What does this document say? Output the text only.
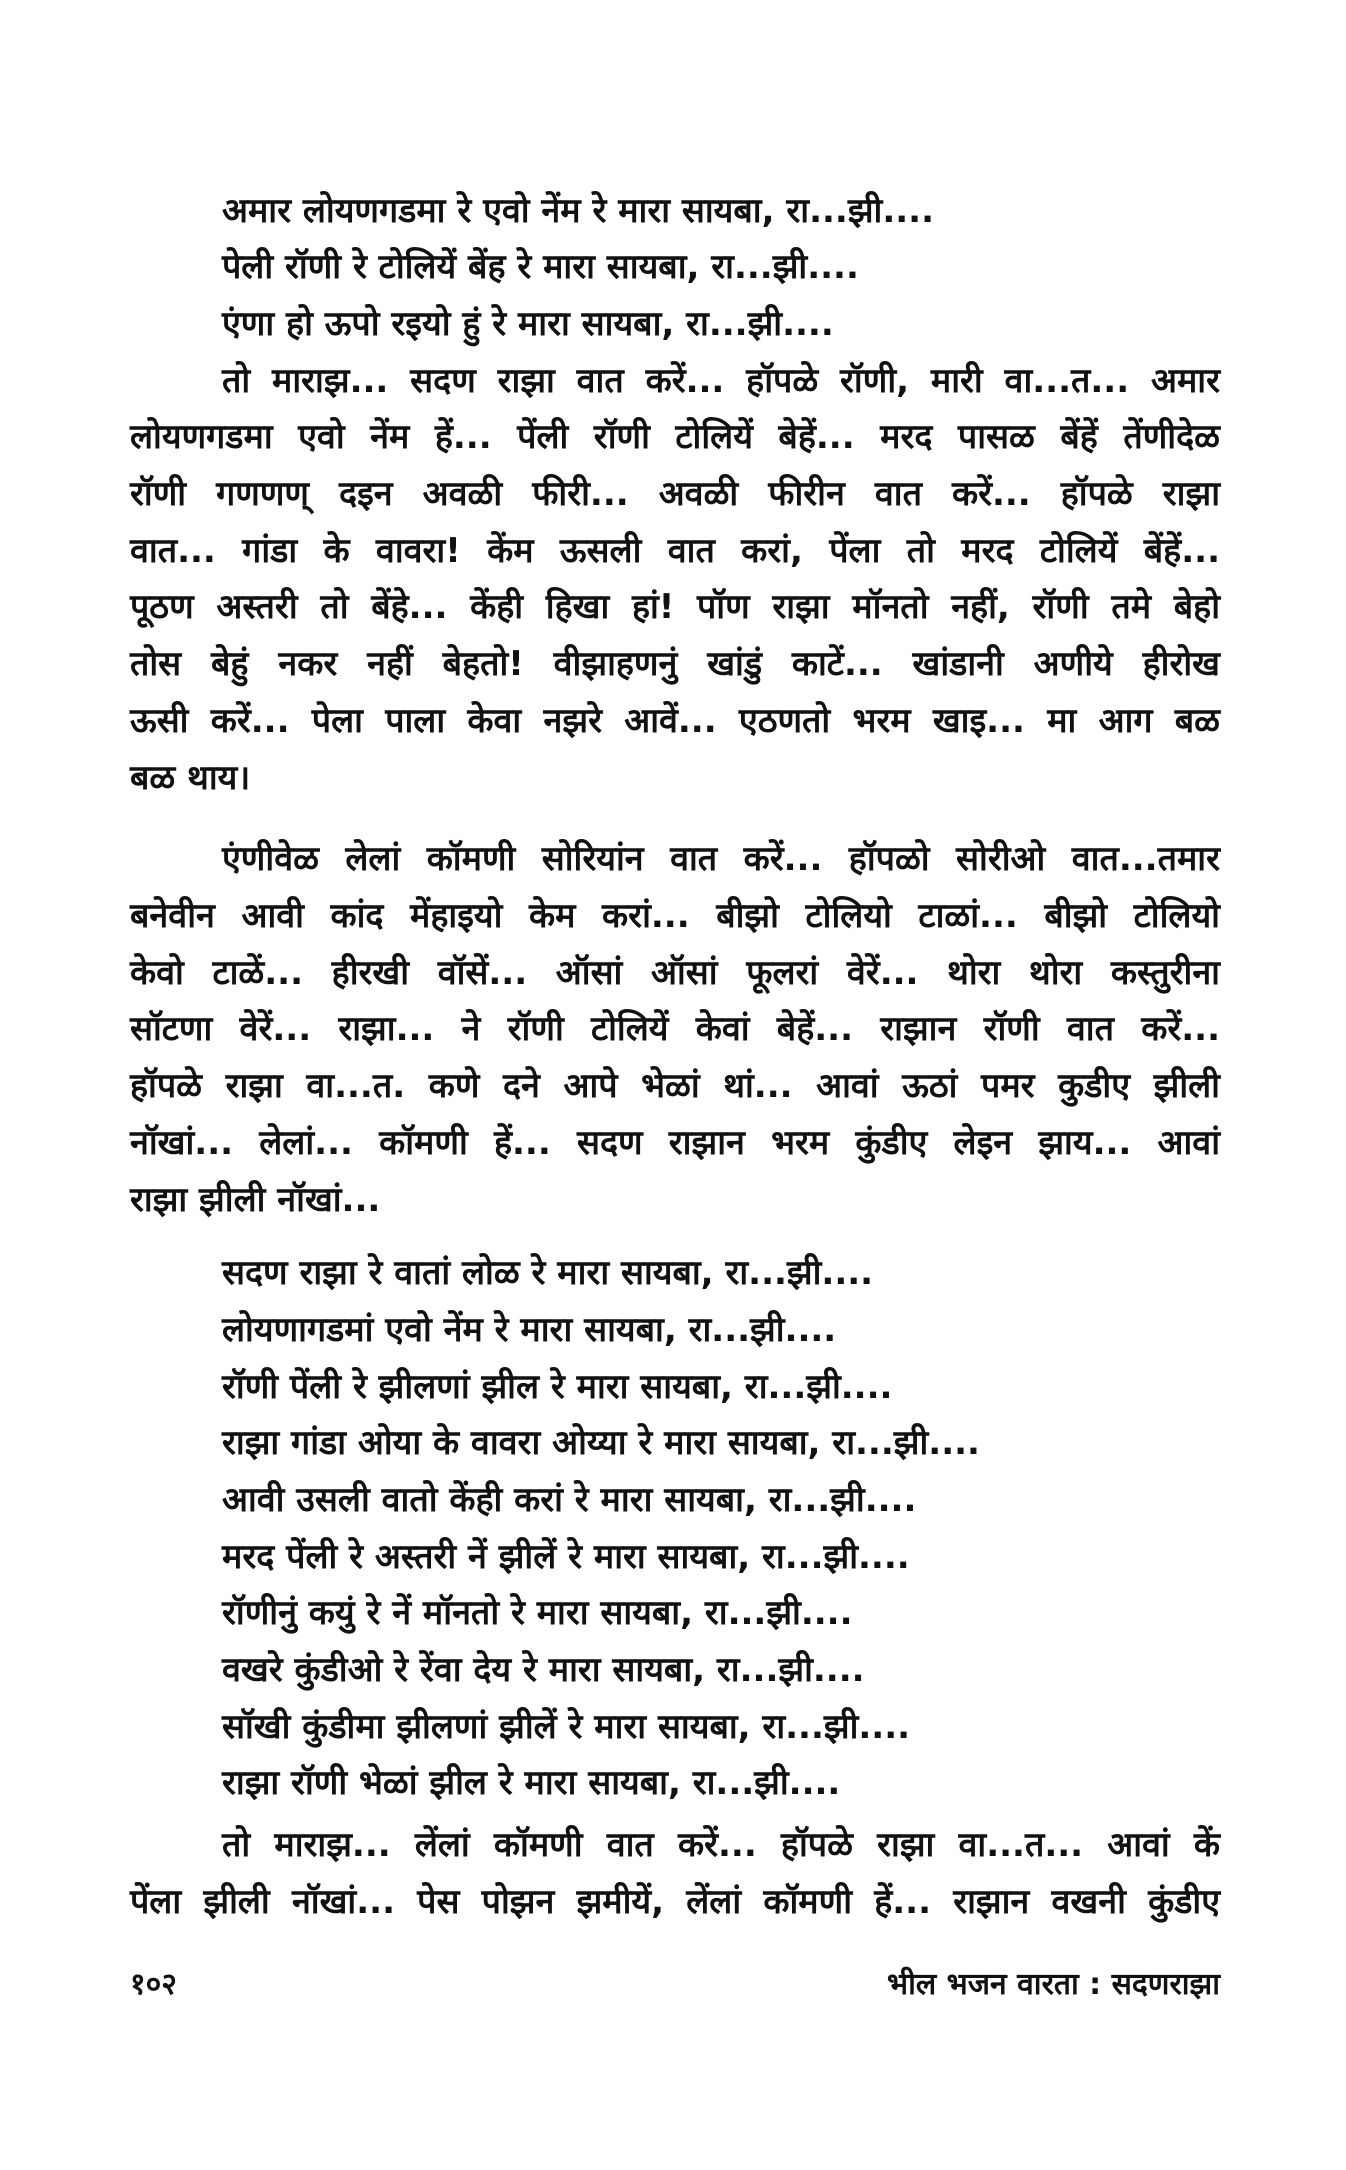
अमार लोयणगडमा रे एवो नेंम रे मारा सायबा, रा...झी....
पेली रॉणी रे टोलियें बेंह रे मारा सायबा, रा...झी....
एंणा हो ऊपो रइयो हुं रे मारा सायबा, रा...झी....
तो माराझ... सदण राझा वात करें... हॉपळे रॉणी, मारी वा...त... अमार
लोयणगडमा एवो नेंम हें... पेंली रॉणी टोलियें बेहें... मरद पासळ बेंहें तेंणीदेळ
रॉणी गणणण् दइन अवळी फीरी... अवळी फीरीन वात करें... हॉपळे राझा
वात... गांडा के वावरा! केंम ऊसली वात करां, पेंला तो मरद टोलियें बेंहें...
पूठण अस्तरी तो बेंहे... केंही हिखा हां! पॉण राझा मॉनतो नहीं, रॉणी तमे बेहो
तोस बेहुं नकर नहीं बेहतो! वीझाहणनुं खांडुं काटें... खांडानी अणीये हीरोख
ऊसी करें... पेला पाला केवा नझरे आवें... एठणतो भरम खाइ... मा आग बळ
बळ थाय।
एंणीवेळ लेलां कॉमणी सोरियांन वात करें... हॉपळो सोरीओ वात...तमार
बनेवीन आवी कांद मेंहाइयो केम करां... बीझो टोलियो टाळां... बीझो टोलियो
केवो टाळें... हीरखी वॉसें... ऑसां ऑसां फूलरां वेरें... थोरा थोरा कस्तुरीना
सॉटणा वेरें... राझा... ने रॉणी टोलियें केवां बेहें... राझान रॉणी वात करें...
हॉपळे राझा वा...त. कणे दने आपे भेळां थां... आवां ऊठां पमर कुडीए झीली
नॉखां... लेलां... कॉमणी हें... सदण राझान भरम कुंडीए लेइन झाय... आवां
राझा झीली नॉखां...
सदण राझा रे वातां लोळ रे मारा सायबा, रा...झी....
लोयणागडमां एवो नेंम रे मारा सायबा, रा...झी....
रॉणी पेंली रे झीलणां झील रे मारा सायबा, रा...झी....
राझा गांडा ओया के वावरा ओय्या रे मारा सायबा, रा...झी....
आवी उसली वातो केंही करां रे मारा सायबा, रा...झी....
मरद पेंली रे अस्तरी नें झीलें रे मारा सायबा, रा...झी....
रॉणीनुं कयुं रे नें मॉनतो रे मारा सायबा, रा...झी....
वखरे कुंडीओ रे रेंवा देय रे मारा सायबा, रा...झी....
सॉखी कुंडीमा झीलणां झीलें रे मारा सायबा, रा...झी....
राझा रॉणी भेळां झील रे मारा सायबा, रा...झी....
तो माराझ... लेंलां कॉमणी वात करें... हॉपळे राझा वा...त... आवां कें
पेंला झीली नॉखां... पेस पोझन झमीयें, लेंलां कॉमणी हें... राझान वखनी कुंडीए
१०२	भील भजन वारता : सदणराझा
